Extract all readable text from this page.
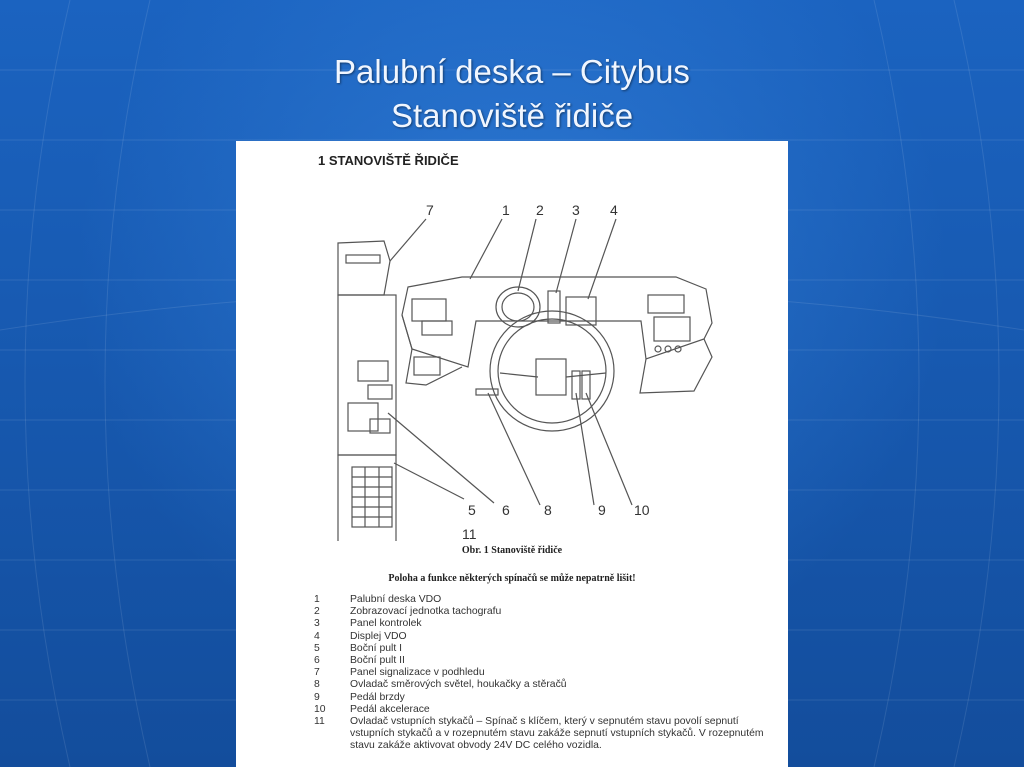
Palubní deska – Citybus
Stanoviště řidiče
1 STANOVIŠTĚ ŘIDIČE
7	1 2 3 4
5 6 8	9 10
11
Obr. 1 Stanoviště řidiče
Poloha a funkce některých spínačů se může nepatrně lišit!
1	Palubní deska VDO
2	Zobrazovací jednotka tachografu
3	Panel kontrolek
4	Displej VDO
5	Boční pult I
6	Boční pult II
7	Panel signalizace v podhledu
8	Ovladač směrových světel, houkačky a stěračů
9	Pedál brzdy
10	Pedál akcelerace
11	Ovladač vstupních stykačů – Spínač s klíčem, který v sepnutém stavu povolí sepnutí vstupních stykačů a v rozepnutém stavu zakáže sepnutí vstupních stykačů. V rozepnutém stavu zakáže aktivovat obvody 24V DC celého vozidla.
